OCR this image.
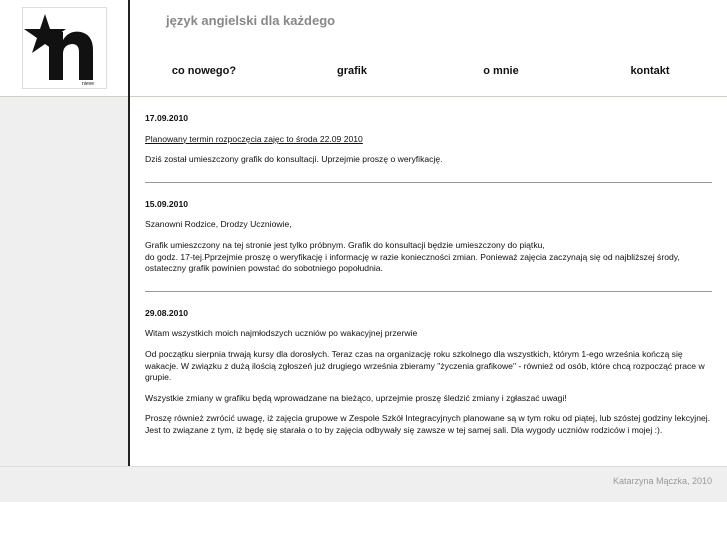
nieve
język angielski dla każdego
co nowego?	grafik	o mnie	kontakt
17.09.2010
Planowany termin rozpoczęcia zajęc to środa 22.09 2010

Dziś został umieszczony grafik do konsultacji. Uprzejmie proszę o weryfikację.

15.09.2010

Szanowni Rodzice, Drodzy Uczniowie,

Grafik umieszczony na tej stronie jest tylko próbnym. Grafik do konsultacji będzie umieszczony do piątku,

do godz. 17-tej.Pprzejmie proszę o weryfikację i informację w razie konieczności zmian. Ponieważ zajęcia zaczynają się od najbliższej środy, ostateczny grafik powinien powstać do sobotniego popołudnia.

29.08.2010

Witam wszystkich moich najmłodszych uczniów po wakacyjnej przerwie

Od początku sierpnia trwają kursy dla dorosłych. Teraz czas na organizację roku szkolnego dla wszystkich, którym 1-ego września kończą się wakacje. W związku z dużą ilością zgłoszeń już drugiego września zbieramy "życzenia grafikowe" - również od osób, które chcą rozpocząć prace w grupie.

Wszystkie zmiany w grafiku będą wprowadzane na bieżąco, uprzejmie proszę śledzić zmiany i zgłaszać uwagi!

Proszę również zwrócić uwagę, iż zajęcia grupowe w Zespole Szkół Integracyjnych planowane są w tym roku od piątej, lub szóstej godziny lekcyjnej. Jest to związane z tym, iż będę się starała o to by zajęcia odbywały się zawsze w tej samej sali. Dla wygody uczniów rodziców i mojej :).

Katarzyna Mączka, 2010
